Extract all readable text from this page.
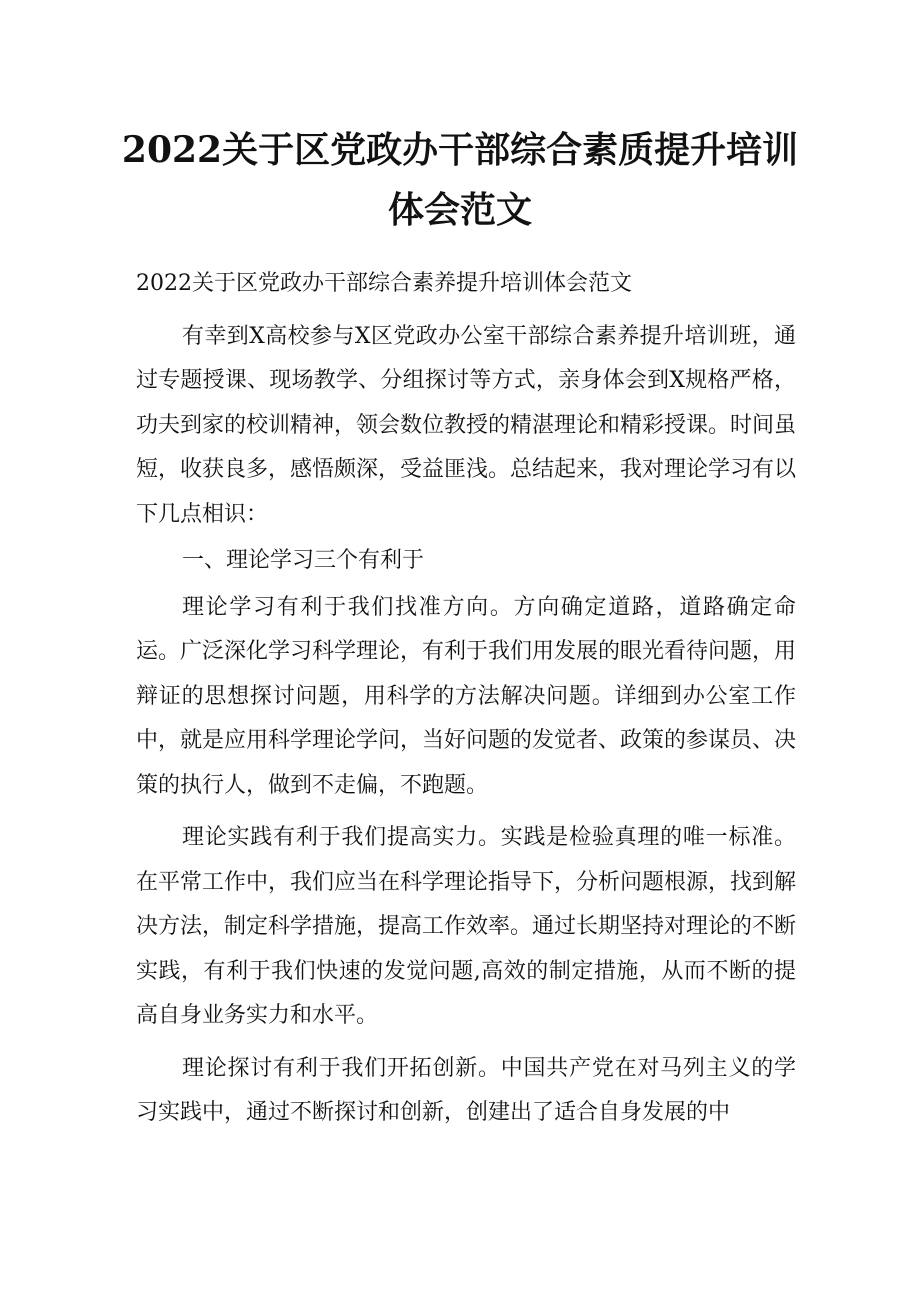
2022关于区党政办干部综合素质提升培训
体会范文

2022关于区党政办干部综合素养提升培训体会范文

有幸到X高校参与X区党政办公室干部综合素养提升培训班，通过专题授课、现场教学、分组探讨等方式，亲身体会到X规格严格，功夫到家的校训精神，领会数位教授的精湛理论和精彩授课。时间虽短，收获良多，感悟颇深，受益匪浅。总结起来，我对理论学习有以下几点相识：

一、理论学习三个有利于

理论学习有利于我们找准方向。方向确定道路，道路确定命运。广泛深化学习科学理论，有利于我们用发展的眼光看待问题，用辩证的思想探讨问题，用科学的方法解决问题。详细到办公室工作中，就是应用科学理论学问，当好问题的发觉者、政策的参谋员、决策的执行人，做到不走偏，不跑题。

理论实践有利于我们提高实力。实践是检验真理的唯一标准。在平常工作中，我们应当在科学理论指导下，分析问题根源，找到解决方法，制定科学措施，提高工作效率。通过长期坚持对理论的不断实践，有利于我们快速的发觉问题,高效的制定措施，从而不断的提高自身业务实力和水平。

理论探讨有利于我们开拓创新。中国共产党在对马列主义的学习实践中，通过不断探讨和创新，创建出了适合自身发展的中
